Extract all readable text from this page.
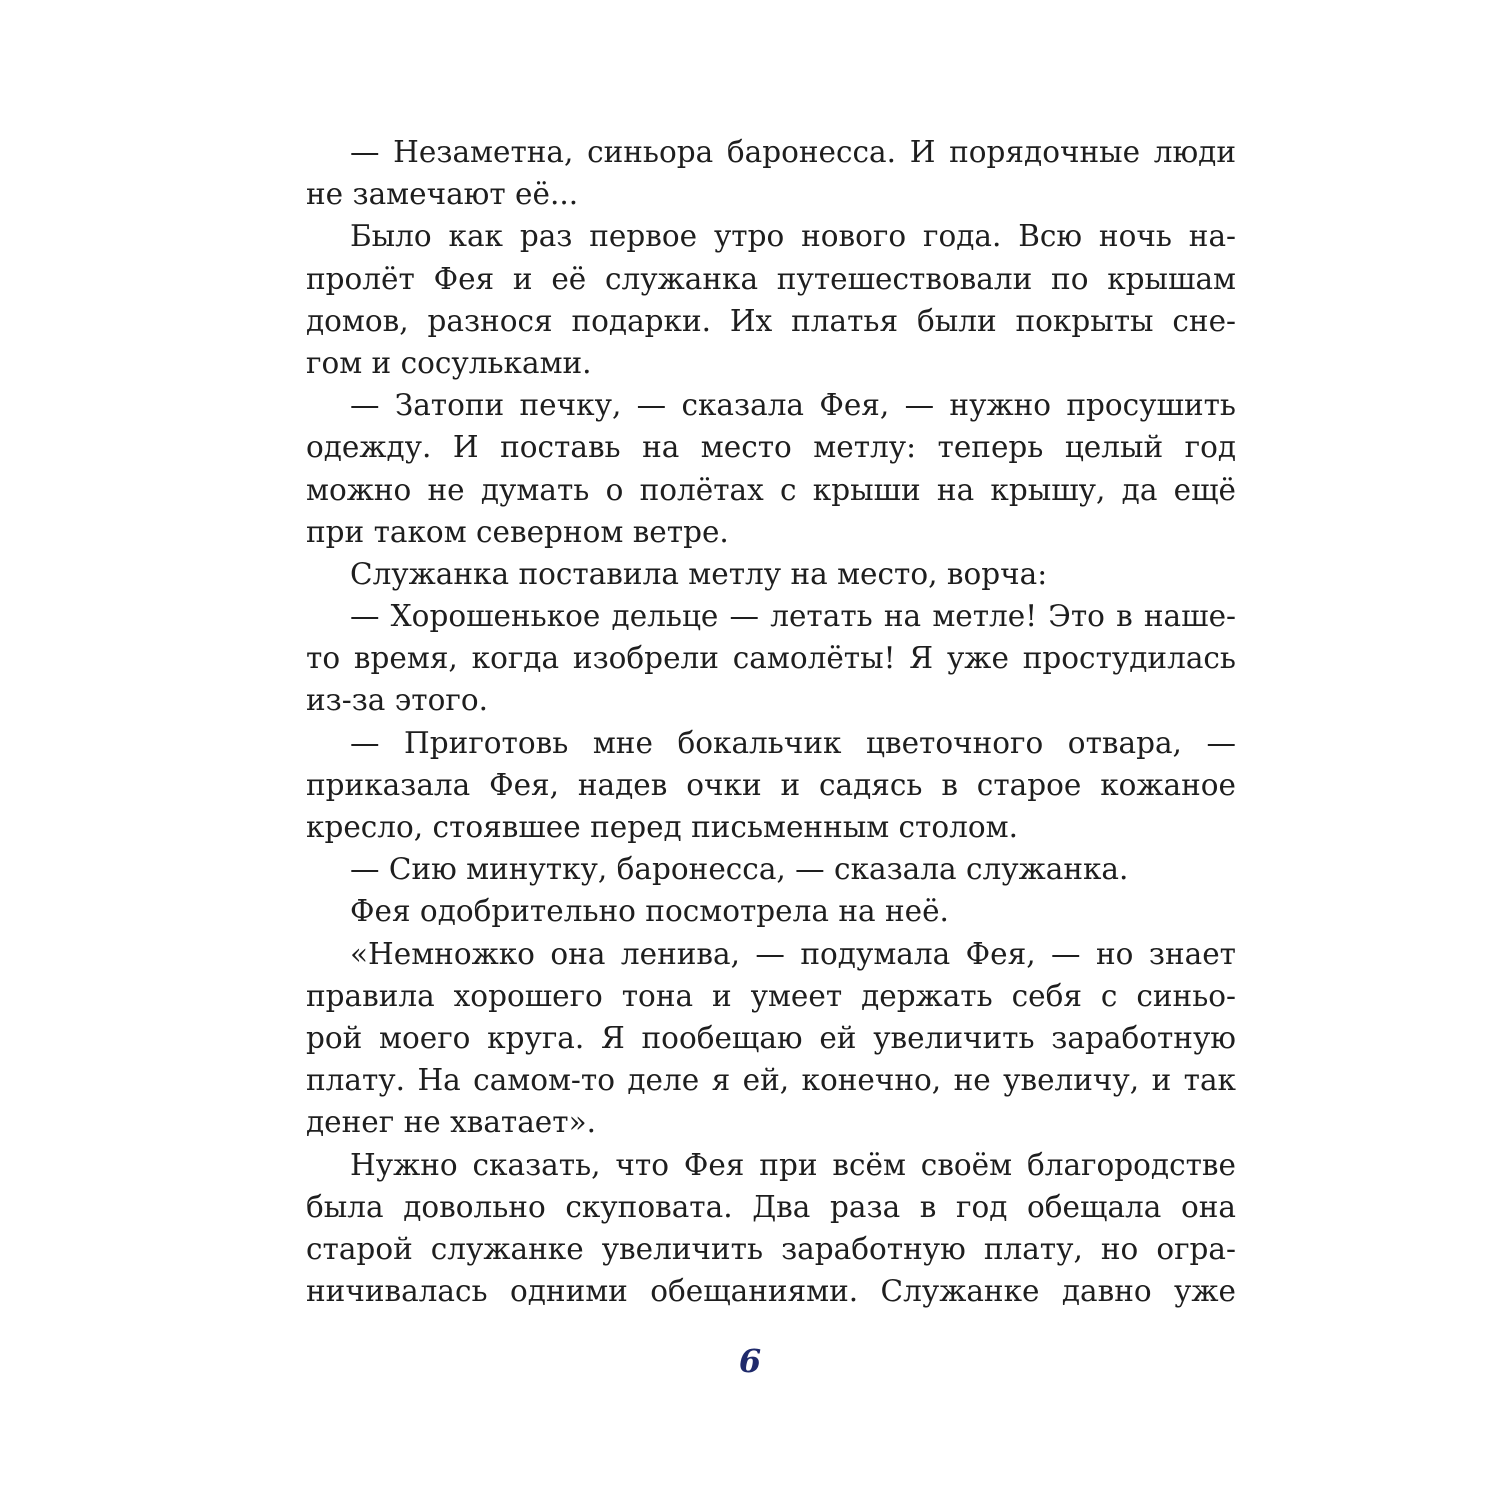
— Незаметна, синьора баронесса. И порядочные люди
не замечают её...
Было как раз первое утро нового года. Всю ночь на-
пролёт Фея и её служанка путешествовали по крышам
домов, разнося подарки. Их платья были покрыты сне-
гом и сосульками.
— Затопи печку, — сказала Фея, — нужно просушить
одежду. И поставь на место метлу: теперь целый год
можно не думать о полётах с крыши на крышу, да ещё
при таком северном ветре.
Служанка поставила метлу на место, ворча:
— Хорошенькое дельце — летать на метле! Это в наше-
то время, когда изобрели самолёты! Я уже простудилась
из-за этого.
— Приготовь мне бокальчик цветочного отвара, —
приказала Фея, надев очки и садясь в старое кожаное
кресло, стоявшее перед письменным столом.
— Сию минутку, баронесса, — сказала служанка.
Фея одобрительно посмотрела на неё.
«Немножко она ленива, — подумала Фея, — но знает
правила хорошего тона и умеет держать себя с синьо-
рой моего круга. Я пообещаю ей увеличить заработную
плату. На самом-то деле я ей, конечно, не увеличу, и так
денег не хватает».
Нужно сказать, что Фея при всём своём благородстве
была довольно скуповата. Два раза в год обещала она
старой служанке увеличить заработную плату, но огра-
ничивалась одними обещаниями. Служанке давно уже
6
